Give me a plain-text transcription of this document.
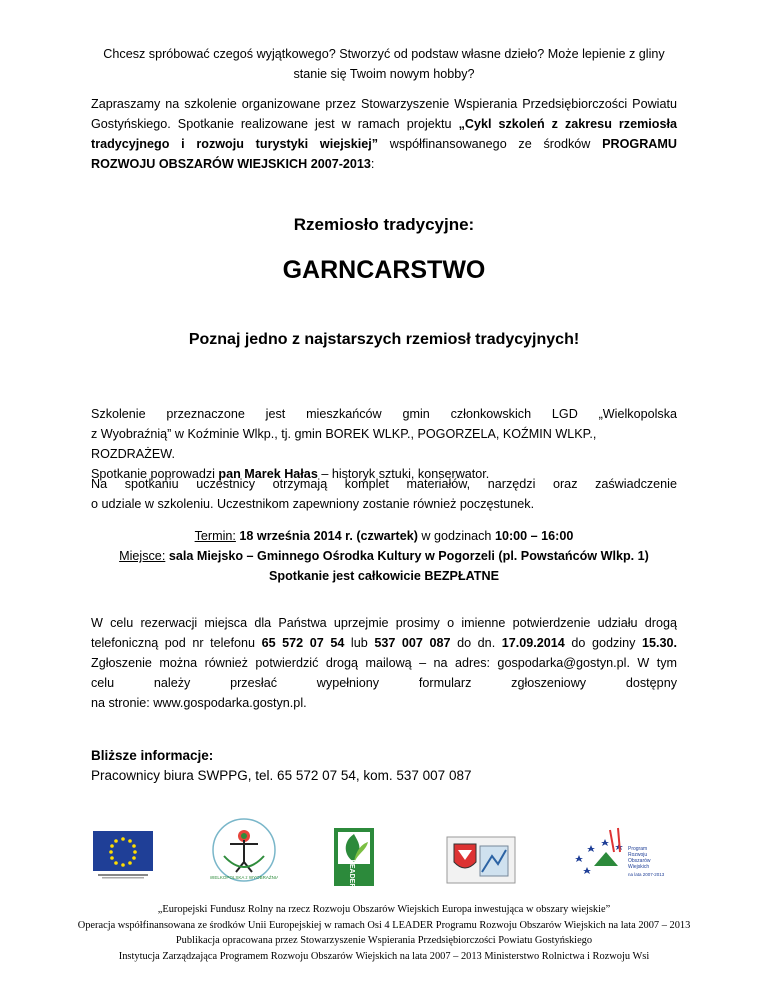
Chcesz spróbować czegoś wyjątkowego? Stworzyć od podstaw własne dzieło? Może lepienie z gliny
stanie się Twoim nowym hobby?
Zapraszamy na szkolenie organizowane przez Stowarzyszenie Wspierania Przedsiębiorczości Powiatu Gostyńskiego. Spotkanie realizowane jest w ramach projektu „Cykl szkoleń z zakresu rzemiosła tradycyjnego i rozwoju turystyki wiejskiej” współfinansowanego ze środków PROGRAMU ROZWOJU OBSZARÓW WIEJSKICH 2007-2013:
Rzemiosło tradycyjne:
GARNCARSTWO
Poznaj jedno z najstarszych rzemiosł tradycyjnych!
Szkolenie przeznaczone jest mieszkańców gmin członkowskich LGD „Wielkopolska
z Wyobraźnią” w Koźminie Wlkp., tj. gmin BOREK WLKP., POGORZELA, KOŹMIN WLKP., ROZDRAŻEW.
Spotkanie poprowadzi pan Marek Hałas – historyk sztuki, konserwator.
Na spotkaniu uczestnicy otrzymają komplet materiałów, narzędzi oraz zaświadczenie
o udziale w szkoleniu. Uczestnikom zapewniony zostanie również poczęstunek.
Termin: 18 września 2014 r. (czwartek) w godzinach 10:00 – 16:00
Miejsce: sala Miejsko – Gminnego Ośrodka Kultury w Pogorzeli (pl. Powstańców Wlkp. 1)
Spotkanie jest całkowicie BEZPŁATNE
W celu rezerwacji miejsca dla Państwa uprzejmie prosimy o imienne potwierdzenie udziału drogą
telefoniczną pod nr telefonu 65 572 07 54 lub 537 007 087 do dn. 17.09.2014 do godziny 15.30.
Zgłoszenie można również potwierdzić drogą mailową – na adres: gospodarka@gostyn.pl. W tym
celu należy przesłać wypełniony formularz zgłoszeniowy dostępny
na stronie: www.gospodarka.gostyn.pl.
Bliższe informacje:
Pracownicy biura SWPPG, tel. 65 572 07 54, kom. 537 007 087
WIELKOPOLSKA z WYOBRAŹNIĄ	LEADER
Program
Rozwoju
Obszarów
Wiejskich
na lata 2007-2013
„Europejski Fundusz Rolny na rzecz Rozwoju Obszarów Wiejskich Europa inwestująca w obszary wiejskie”
Operacja współfinansowana ze środków Unii Europejskiej w ramach Osi 4 LEADER Programu Rozwoju Obszarów Wiejskich na lata 2007 – 2013
Publikacja opracowana przez Stowarzyszenie Wspierania Przedsiębiorczości Powiatu Gostyńskiego
Instytucja Zarządzająca Programem Rozwoju Obszarów Wiejskich na lata 2007 – 2013 Ministerstwo Rolnictwa i Rozwoju Wsi
